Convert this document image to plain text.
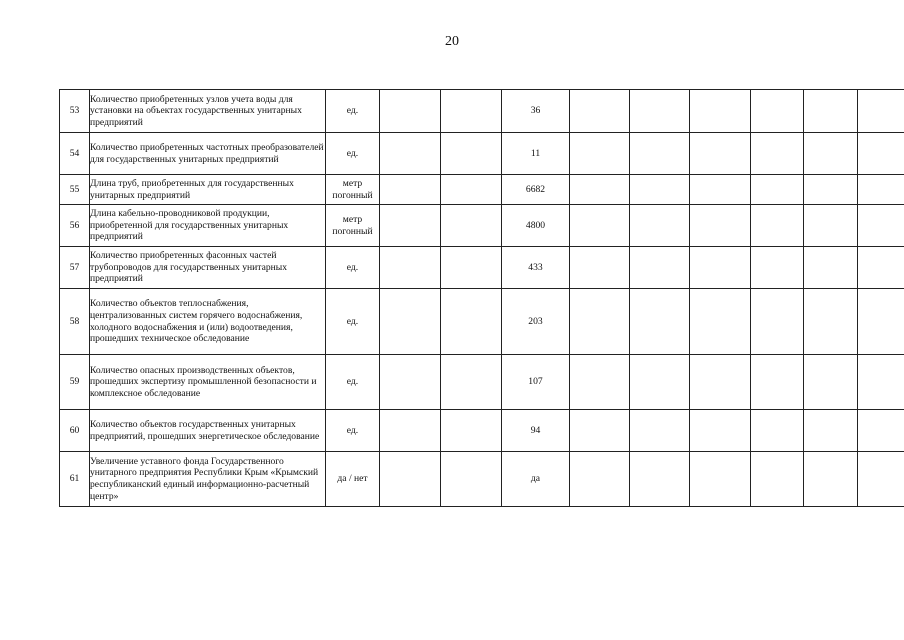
20
53	Количество приобретенных узлов учета воды для установки на объектах государственных унитарных предприятий	ед.			36						
54	Количество приобретенных частотных преобразователей для государственных унитарных предприятий	ед.			11						
55	Длина труб, приобретенных для государственных унитарных предприятий	метр погонный			6682						
56	Длина кабельно-проводниковой продукции, приобретенной для государственных унитарных предприятий	метр погонный			4800						
57	Количество приобретенных фасонных частей трубопроводов для государственных унитарных предприятий	ед.			433						
58	Количество объектов теплоснабжения, централизованных систем горячего водоснабжения, холодного водоснабжения и (или) водоотведения, прошедших техническое обследование	ед.			203						
59	Количество опасных производственных объектов, прошедших экспертизу промышленной безопасности и комплексное обследование	ед.			107						
60	Количество объектов государственных унитарных предприятий, прошедших энергетическое обследование	ед.			94						
61	Увеличение уставного фонда Государственного унитарного предприятия Республики Крым «Крымский республиканский единый информационно-расчетный центр»	да / нет			да						
